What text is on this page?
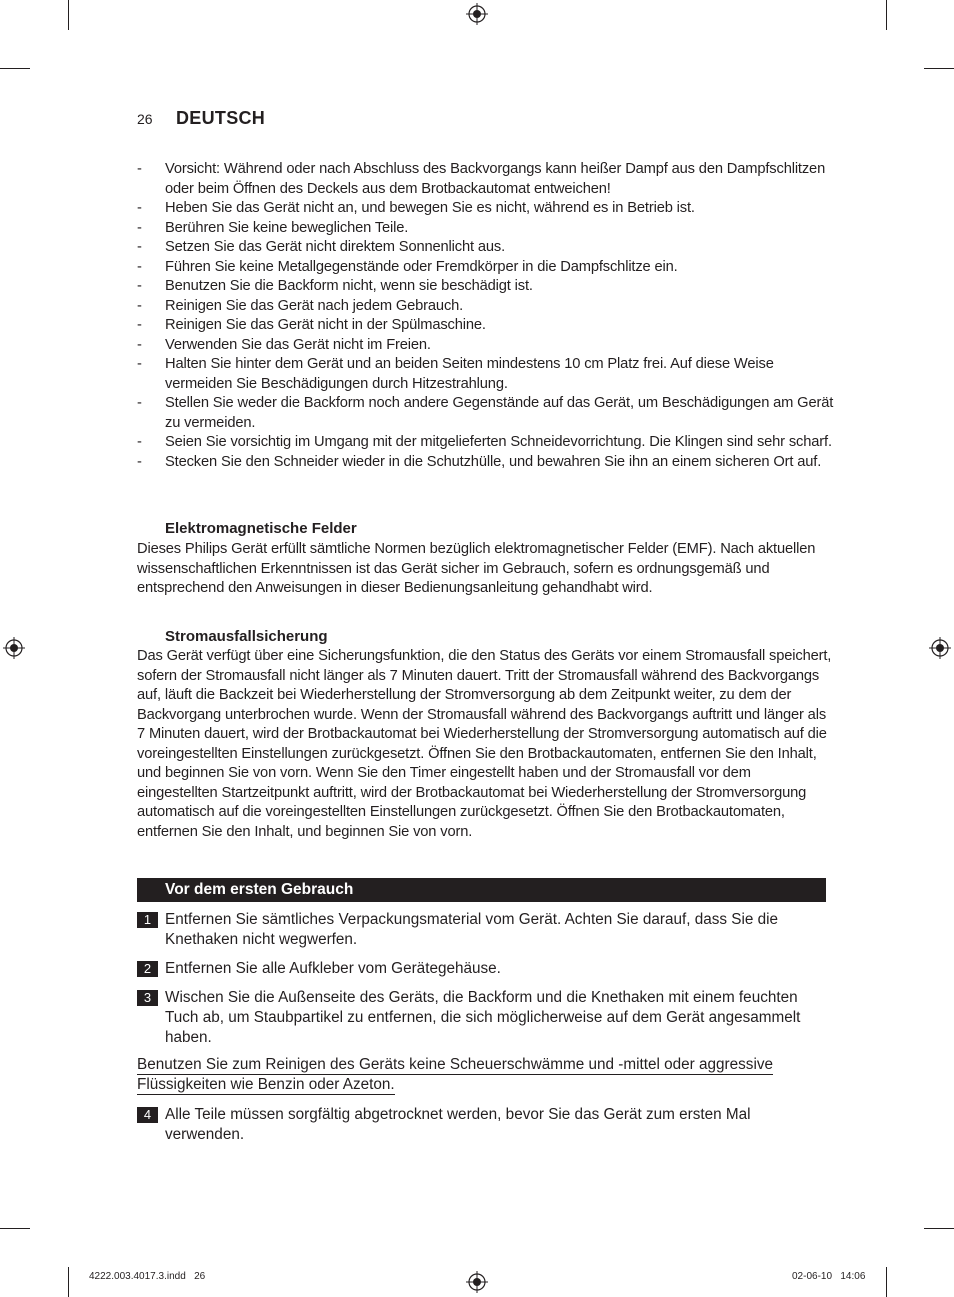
26 DEUTSCH
- Vorsicht: Während oder nach Abschluss des Backvorgangs kann heißer Dampf aus den Dampfschlitzen oder beim Öffnen des Deckels aus dem Brotbackautomat entweichen!
- Heben Sie das Gerät nicht an, und bewegen Sie es nicht, während es in Betrieb ist.
- Berühren Sie keine beweglichen Teile.
- Setzen Sie das Gerät nicht direktem Sonnenlicht aus.
- Führen Sie keine Metallgegenstände oder Fremdkörper in die Dampfschlitze ein.
- Benutzen Sie die Backform nicht, wenn sie beschädigt ist.
- Reinigen Sie das Gerät nach jedem Gebrauch.
- Reinigen Sie das Gerät nicht in der Spülmaschine.
- Verwenden Sie das Gerät nicht im Freien.
- Halten Sie hinter dem Gerät und an beiden Seiten mindestens 10 cm Platz frei. Auf diese Weise vermeiden Sie Beschädigungen durch Hitzestrahlung.
- Stellen Sie weder die Backform noch andere Gegenstände auf das Gerät, um Beschädigungen am Gerät zu vermeiden.
- Seien Sie vorsichtig im Umgang mit der mitgelieferten Schneidevorrichtung. Die Klingen sind sehr scharf.
- Stecken Sie den Schneider wieder in die Schutzhülle, und bewahren Sie ihn an einem sicheren Ort auf.
Elektromagnetische Felder

Dieses Philips Gerät erfüllt sämtliche Normen bezüglich elektromagnetischer Felder (EMF). Nach aktuellen wissenschaftlichen Erkenntnissen ist das Gerät sicher im Gebrauch, sofern es ordnungsgemäß und entsprechend den Anweisungen in dieser Bedienungsanleitung gehandhabt wird.

Stromausfallsicherung

Das Gerät verfügt über eine Sicherungsfunktion, die den Status des Geräts vor einem Stromausfall speichert, sofern der Stromausfall nicht länger als 7 Minuten dauert. Tritt der Stromausfall während des Backvorgangs auf, läuft die Backzeit bei Wiederherstellung der Stromversorgung ab dem Zeitpunkt weiter, zu dem der Backvorgang unterbrochen wurde. Wenn der Stromausfall während des Backvorgangs auftritt und länger als 7 Minuten dauert, wird der Brotbackautomat bei Wiederherstellung der Stromversorgung automatisch auf die voreingestellten Einstellungen zurückgesetzt. Öffnen Sie den Brotbackautomaten, entfernen Sie den Inhalt, und beginnen Sie von vorn. Wenn Sie den Timer eingestellt haben und der Stromausfall vor dem eingestellten Startzeitpunkt auftritt, wird der Brotbackautomat bei Wiederherstellung der Stromversorgung automatisch auf die voreingestellten Einstellungen zurückgesetzt. Öffnen Sie den Brotbackautomaten, entfernen Sie den Inhalt, und beginnen Sie von vorn.

Vor dem ersten Gebrauch
1 Entfernen Sie sämtliches Verpackungsmaterial vom Gerät. Achten Sie darauf, dass Sie die Knethaken nicht wegwerfen.
2 Entfernen Sie alle Aufkleber vom Gerätegehäuse.
3 Wischen Sie die Außenseite des Geräts, die Backform und die Knethaken mit einem feuchten Tuch ab, um Staubpartikel zu entfernen, die sich möglicherweise auf dem Gerät angesammelt haben.

Benutzen Sie zum Reinigen des Geräts keine Scheuerschwämme und -mittel oder aggressive Flüssigkeiten wie Benzin oder Azeton.

4 Alle Teile müssen sorgfältig abgetrocknet werden, bevor Sie das Gerät zum ersten Mal verwenden.
4222.003.4017.3.indd   26	02-06-10   14:06
